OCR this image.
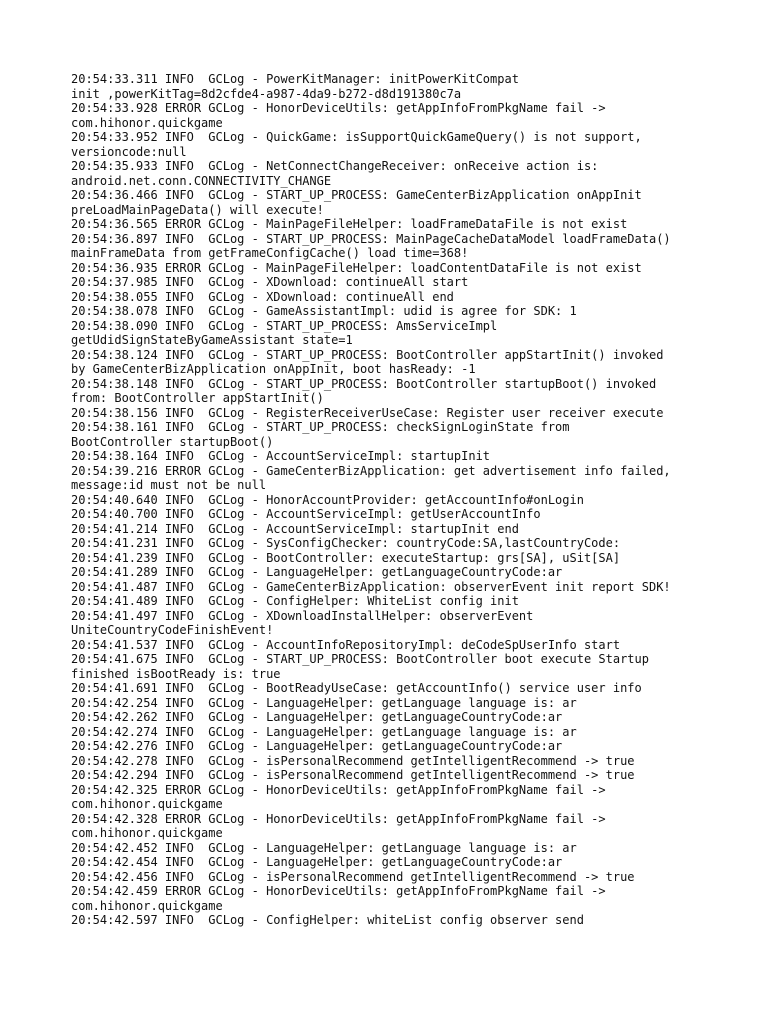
20:54:33.311 INFO  GCLog - PowerKitManager: initPowerKitCompat
init ,powerKitTag=8d2cfde4-a987-4da9-b272-d8d191380c7a
20:54:33.928 ERROR GCLog - HonorDeviceUtils: getAppInfoFromPkgName fail ->
com.hihonor.quickgame
20:54:33.952 INFO  GCLog - QuickGame: isSupportQuickGameQuery() is not support,
versioncode:null
20:54:35.933 INFO  GCLog - NetConnectChangeReceiver: onReceive action is:
android.net.conn.CONNECTIVITY_CHANGE
20:54:36.466 INFO  GCLog - START_UP_PROCESS: GameCenterBizApplication onAppInit
preLoadMainPageData() will execute!
20:54:36.565 ERROR GCLog - MainPageFileHelper: loadFrameDataFile is not exist
20:54:36.897 INFO  GCLog - START_UP_PROCESS: MainPageCacheDataModel loadFrameData()
mainFrameData from getFrameConfigCache() load time=368!
20:54:36.935 ERROR GCLog - MainPageFileHelper: loadContentDataFile is not exist
20:54:37.985 INFO  GCLog - XDownload: continueAll start
20:54:38.055 INFO  GCLog - XDownload: continueAll end
20:54:38.078 INFO  GCLog - GameAssistantImpl: udid is agree for SDK: 1
20:54:38.090 INFO  GCLog - START_UP_PROCESS: AmsServiceImpl
getUdidSignStateByGameAssistant state=1
20:54:38.124 INFO  GCLog - START_UP_PROCESS: BootController appStartInit() invoked
by GameCenterBizApplication onAppInit, boot hasReady: -1
20:54:38.148 INFO  GCLog - START_UP_PROCESS: BootController startupBoot() invoked
from: BootController appStartInit()
20:54:38.156 INFO  GCLog - RegisterReceiverUseCase: Register user receiver execute
20:54:38.161 INFO  GCLog - START_UP_PROCESS: checkSignLoginState from
BootController startupBoot()
20:54:38.164 INFO  GCLog - AccountServiceImpl: startupInit
20:54:39.216 ERROR GCLog - GameCenterBizApplication: get advertisement info failed,
message:id must not be null
20:54:40.640 INFO  GCLog - HonorAccountProvider: getAccountInfo#onLogin
20:54:40.700 INFO  GCLog - AccountServiceImpl: getUserAccountInfo
20:54:41.214 INFO  GCLog - AccountServiceImpl: startupInit end
20:54:41.231 INFO  GCLog - SysConfigChecker: countryCode:SA,lastCountryCode:
20:54:41.239 INFO  GCLog - BootController: executeStartup: grs[SA], uSit[SA]
20:54:41.289 INFO  GCLog - LanguageHelper: getLanguageCountryCode:ar
20:54:41.487 INFO  GCLog - GameCenterBizApplication: observerEvent init report SDK!
20:54:41.489 INFO  GCLog - ConfigHelper: WhiteList config init
20:54:41.497 INFO  GCLog - XDownloadInstallHelper: observerEvent
UniteCountryCodeFinishEvent!
20:54:41.537 INFO  GCLog - AccountInfoRepositoryImpl: deCodeSpUserInfo start
20:54:41.675 INFO  GCLog - START_UP_PROCESS: BootController boot execute Startup
finished isBootReady is: true
20:54:41.691 INFO  GCLog - BootReadyUseCase: getAccountInfo() service user info
20:54:42.254 INFO  GCLog - LanguageHelper: getLanguage language is: ar
20:54:42.262 INFO  GCLog - LanguageHelper: getLanguageCountryCode:ar
20:54:42.274 INFO  GCLog - LanguageHelper: getLanguage language is: ar
20:54:42.276 INFO  GCLog - LanguageHelper: getLanguageCountryCode:ar
20:54:42.278 INFO  GCLog - isPersonalRecommend getIntelligentRecommend -> true
20:54:42.294 INFO  GCLog - isPersonalRecommend getIntelligentRecommend -> true
20:54:42.325 ERROR GCLog - HonorDeviceUtils: getAppInfoFromPkgName fail ->
com.hihonor.quickgame
20:54:42.328 ERROR GCLog - HonorDeviceUtils: getAppInfoFromPkgName fail ->
com.hihonor.quickgame
20:54:42.452 INFO  GCLog - LanguageHelper: getLanguage language is: ar
20:54:42.454 INFO  GCLog - LanguageHelper: getLanguageCountryCode:ar
20:54:42.456 INFO  GCLog - isPersonalRecommend getIntelligentRecommend -> true
20:54:42.459 ERROR GCLog - HonorDeviceUtils: getAppInfoFromPkgName fail ->
com.hihonor.quickgame
20:54:42.597 INFO  GCLog - ConfigHelper: whiteList config observer send
